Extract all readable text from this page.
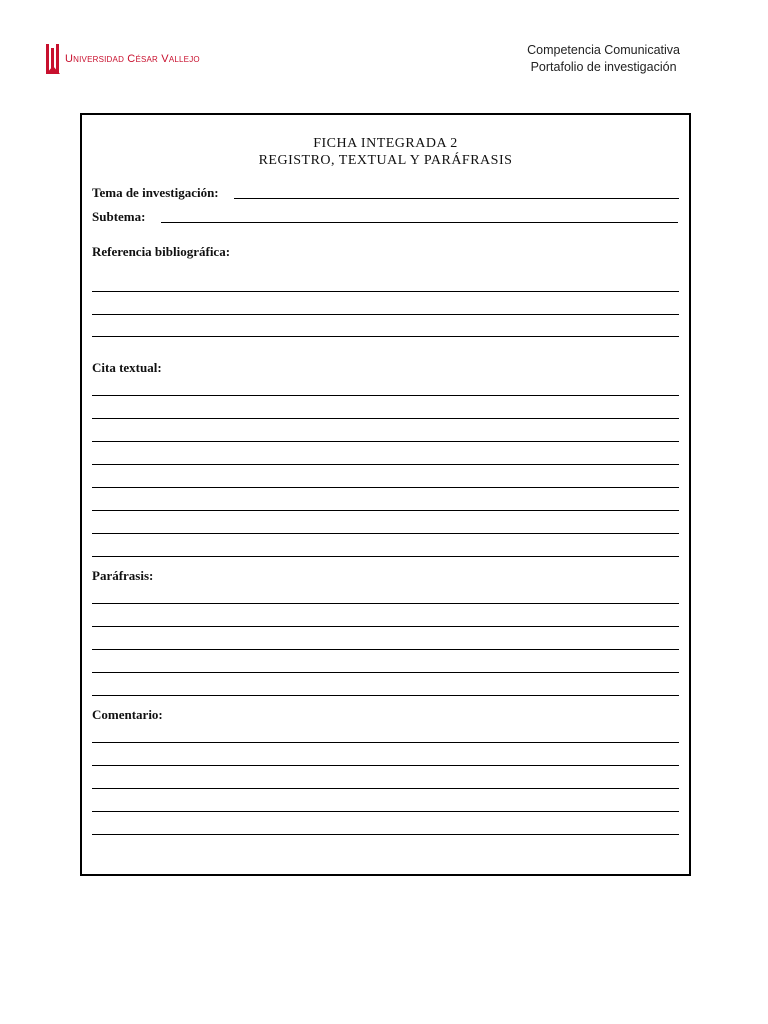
Universidad César Vallejo
Competencia Comunicativa
Portafolio de investigación
FICHA INTEGRADA 2
REGISTRO, TEXTUAL Y PARÁFRASIS
Tema de investigación:
Subtema:
Referencia bibliográfica:
Cita textual:
Paráfrasis:
Comentario:
